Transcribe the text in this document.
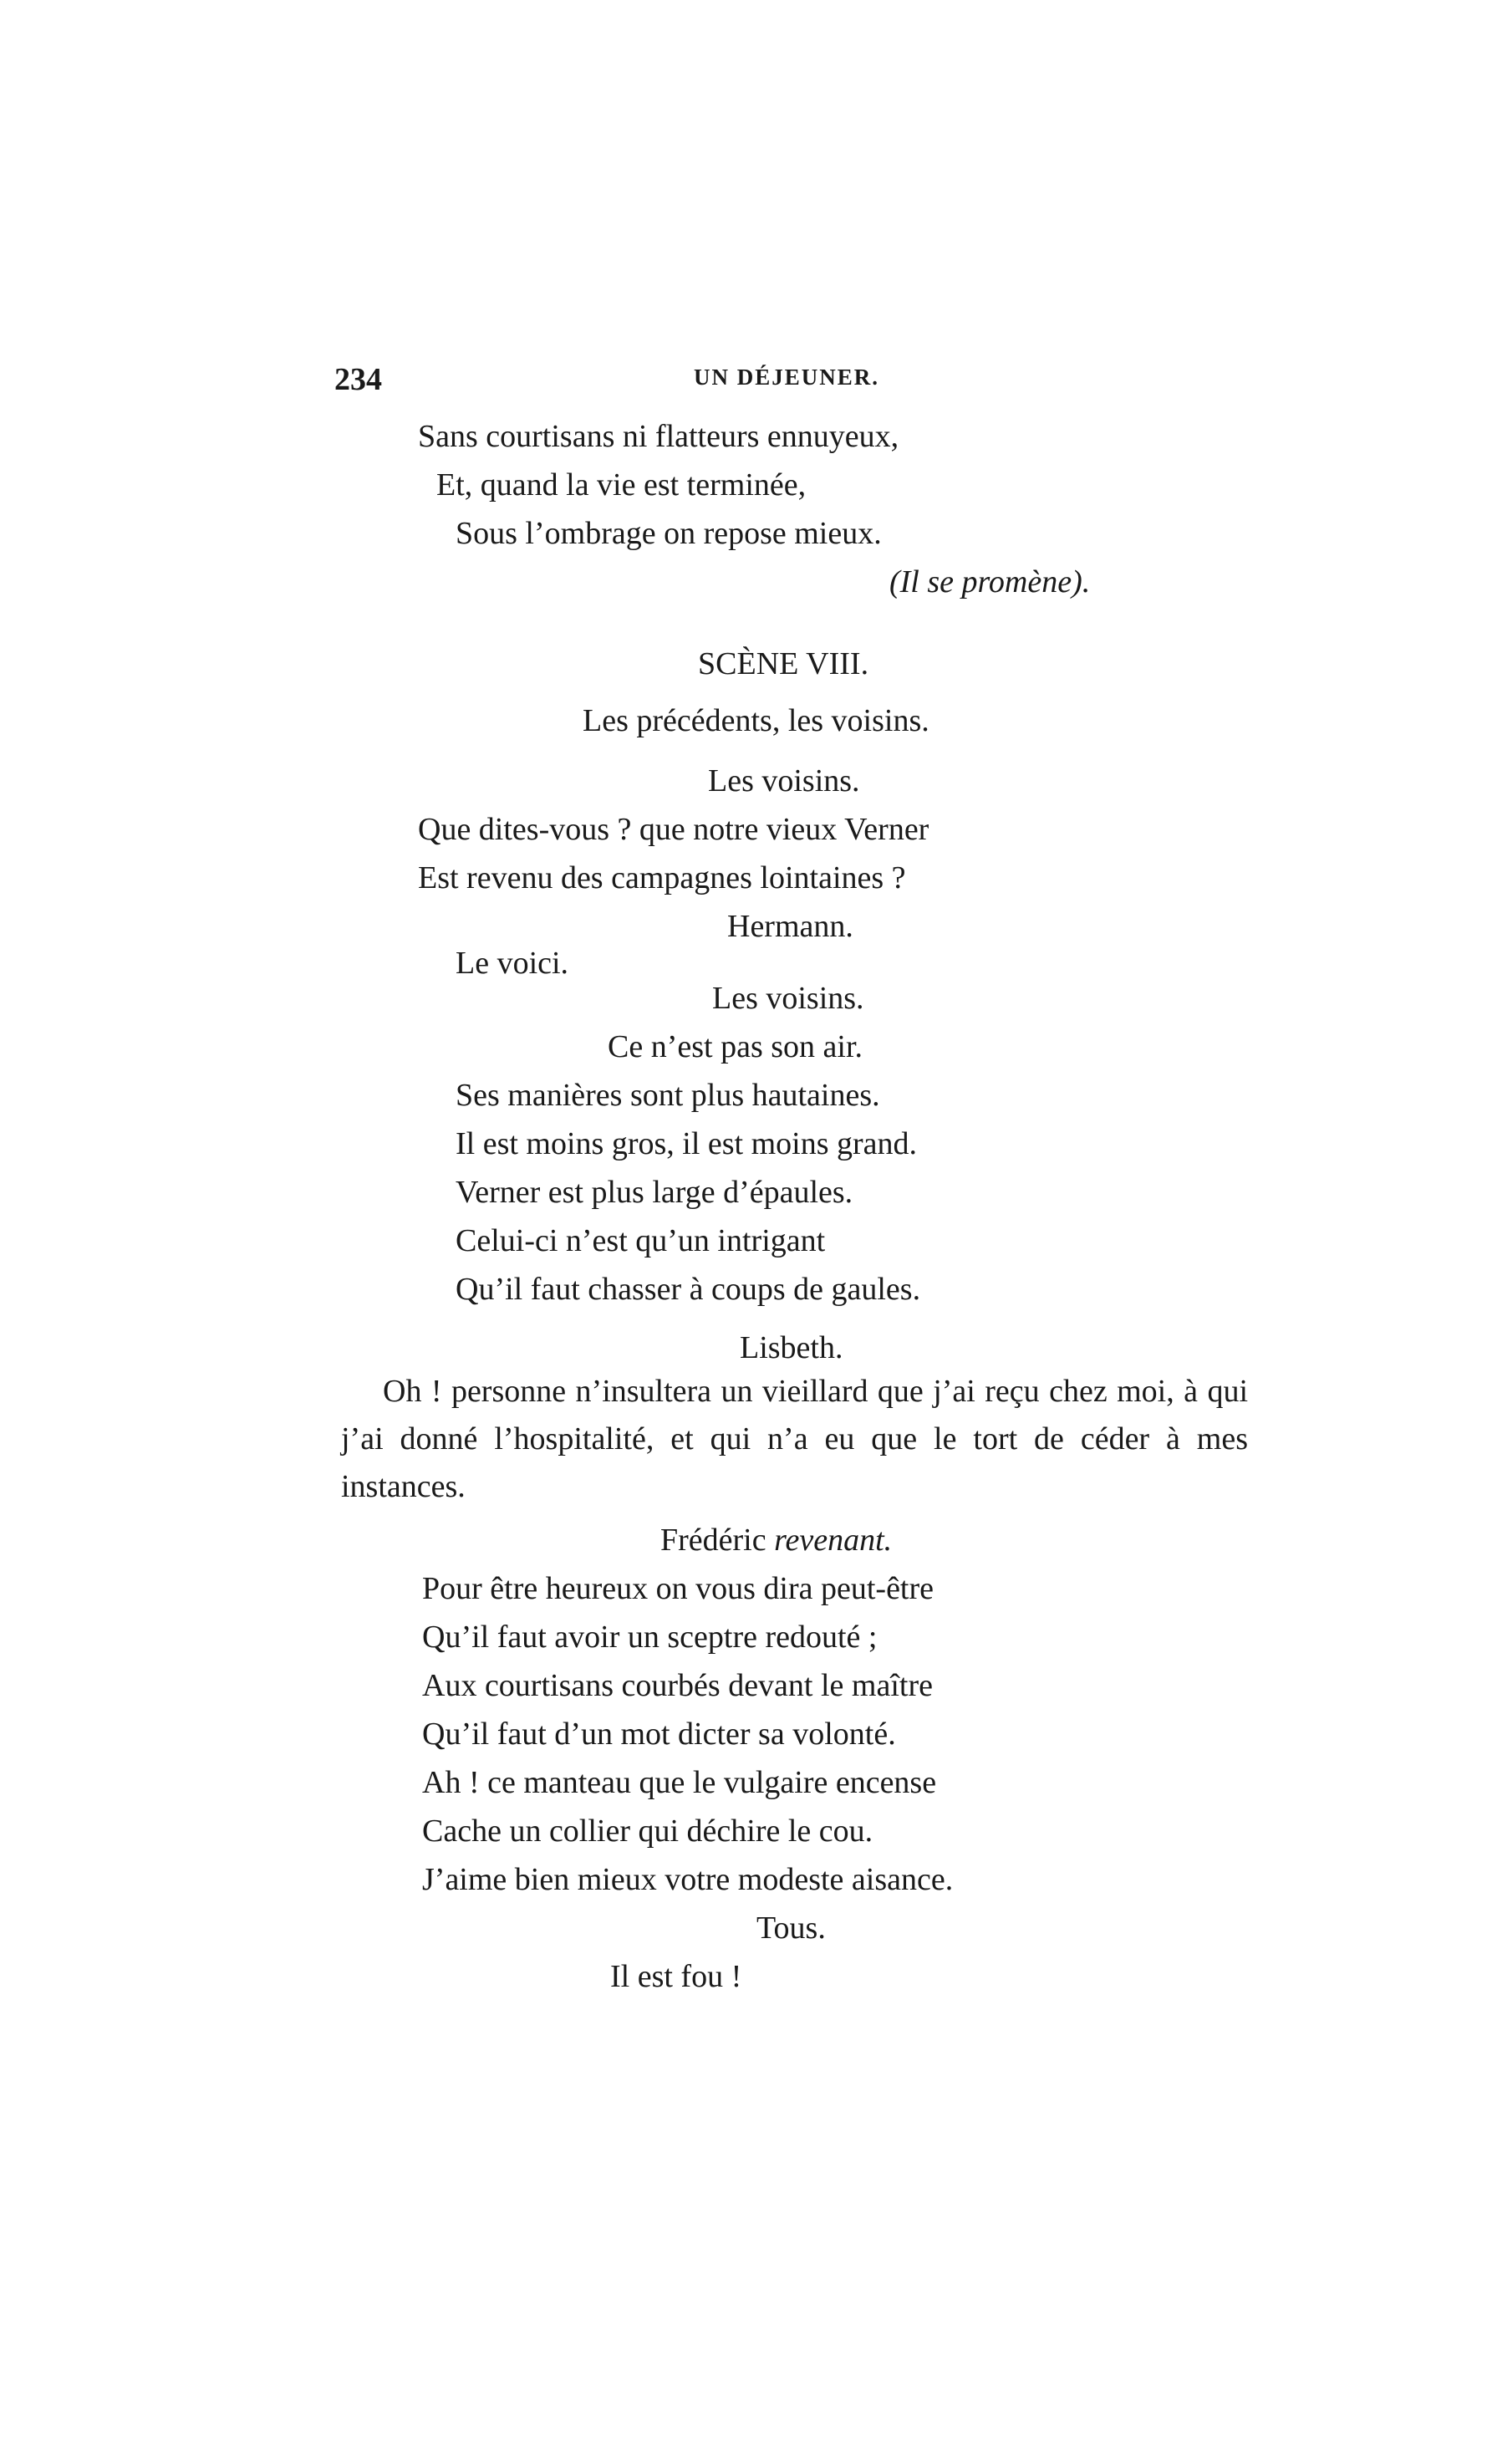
234	UN DÉJEUNER.
Sans courtisans ni flatteurs ennuyeux,
Et, quand la vie est terminée,
Sous l’ombrage on repose mieux.
(Il se promène).
SCÈNE VIII.
Les précédents, les voisins.
Les voisins.
Que dites-vous ? que notre vieux Verner
Est revenu des campagnes lointaines ?
Hermann.
Le voici.
Les voisins.
Ce n’est pas son air.
Ses manières sont plus hautaines.
Il est moins gros, il est moins grand.
Verner est plus large d’épaules.
Celui-ci n’est qu’un intrigant
Qu’il faut chasser à coups de gaules.
Lisbeth.
Oh ! personne n’insultera un vieillard que j’ai reçu chez moi, à qui j’ai donné l’hospitalité, et qui n’a eu que le tort de céder à mes instances.
Frédéric revenant.
Pour être heureux on vous dira peut-être
Qu’il faut avoir un sceptre redouté ;
Aux courtisans courbés devant le maître
Qu’il faut d’un mot dicter sa volonté.
Ah ! ce manteau que le vulgaire encense
Cache un collier qui déchire le cou.
J’aime bien mieux votre modeste aisance.
Tous.
Il est fou !
